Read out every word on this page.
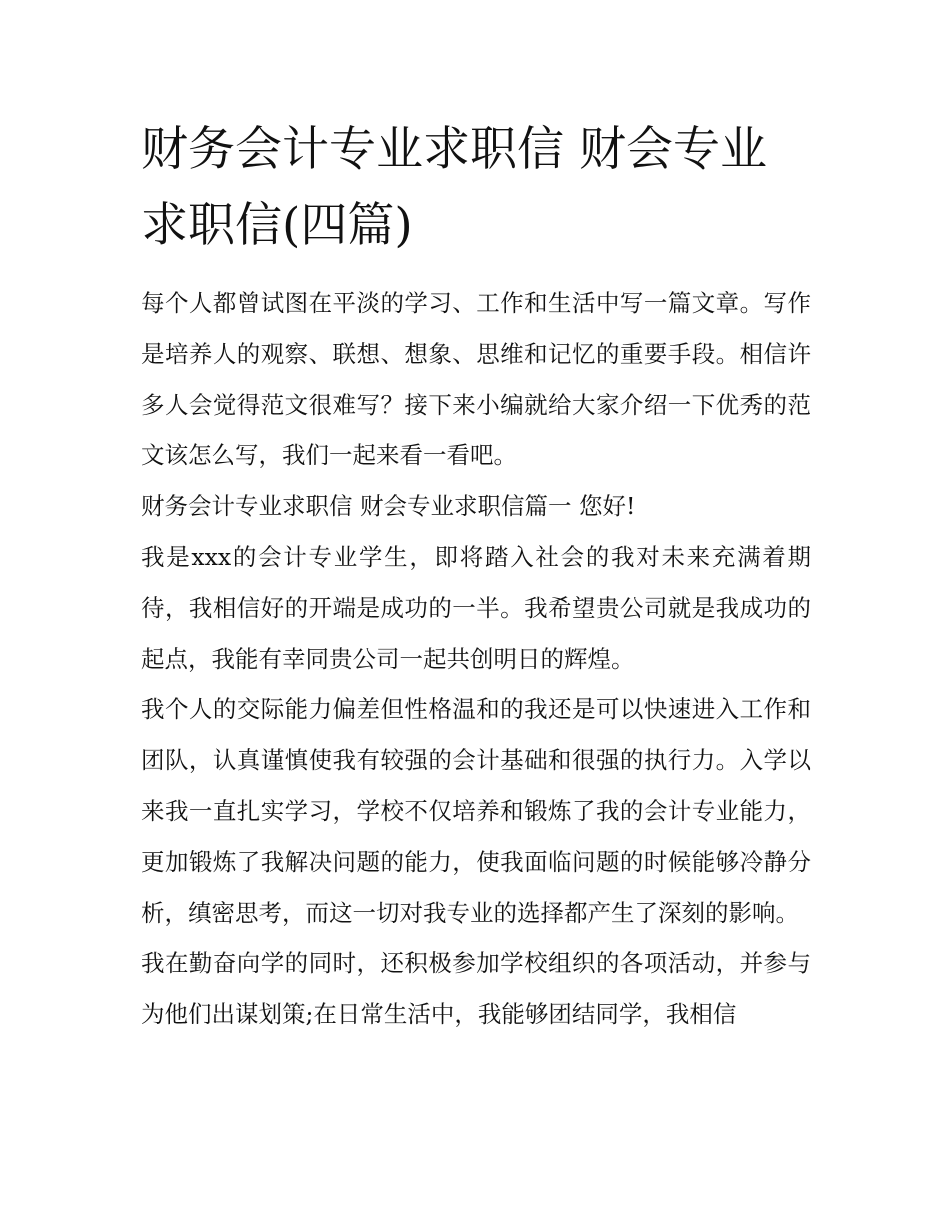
财务会计专业求职信 财会专业求职信(四篇)

每个人都曾试图在平淡的学习、工作和生活中写一篇文章。写作是培养人的观察、联想、想象、思维和记忆的重要手段。相信许多人会觉得范文很难写？接下来小编就给大家介绍一下优秀的范文该怎么写，我们一起来看一看吧。

财务会计专业求职信 财会专业求职信篇一 您好!

我是xxx的会计专业学生，即将踏入社会的我对未来充满着期待，我相信好的开端是成功的一半。我希望贵公司就是我成功的起点，我能有幸同贵公司一起共创明日的辉煌。

我个人的交际能力偏差但性格温和的我还是可以快速进入工作和团队，认真谨慎使我有较强的会计基础和很强的执行力。入学以来我一直扎实学习，学校不仅培养和锻炼了我的会计专业能力，更加锻炼了我解决问题的能力，使我面临问题的时候能够冷静分析，缜密思考，而这一切对我专业的选择都产生了深刻的影响。

我在勤奋向学的同时，还积极参加学校组织的各项活动，并参与为他们出谋划策;在日常生活中，我能够团结同学，我相信
